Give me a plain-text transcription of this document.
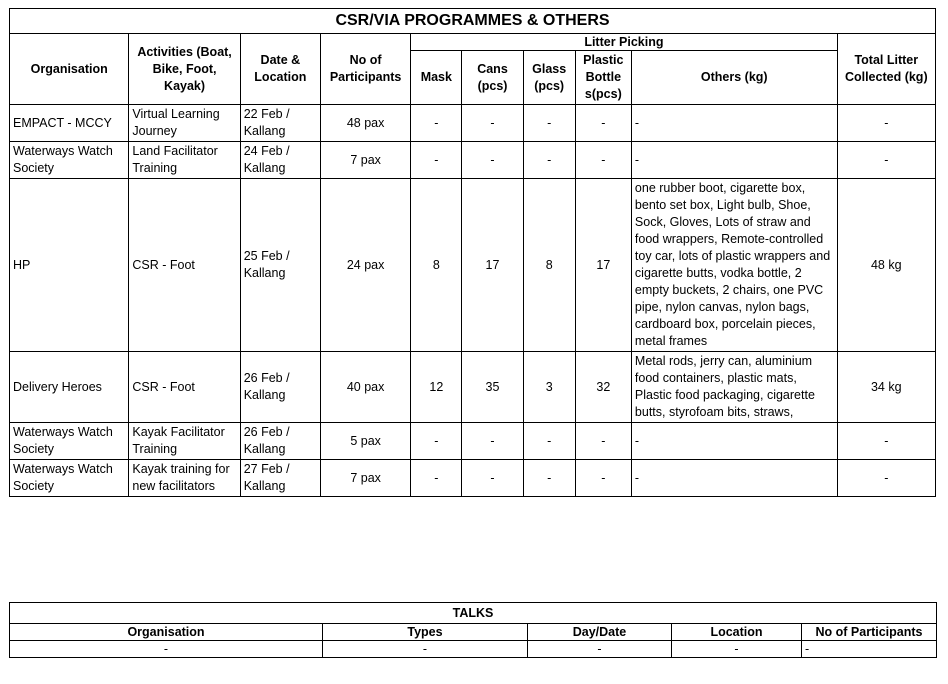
CSR/VIA PROGRAMMES & OTHERS									
Organisation	Activities (Boat, Bike, Foot, Kayak)	Date & Location	No of Participants	Litter Picking					Total Litter Collected (kg)
				Mask	Cans (pcs)	Glass (pcs)	Plastic Bottle s(pcs)	Others (kg)	
EMPACT - MCCY	Virtual Learning Journey	22 Feb / Kallang	48 pax	-	-	-	-	-	-
Waterways Watch Society	Land Facilitator Training	24 Feb / Kallang	7 pax	-	-	-	-	-	-
HP	CSR - Foot	25 Feb / Kallang	24 pax	8	17	8	17	one rubber boot, cigarette box, bento set box, Light bulb, Shoe, Sock, Gloves, Lots of straw and food wrappers, Remote-controlled toy car, lots of plastic wrappers and cigarette butts, vodka bottle, 2 empty buckets, 2 chairs, one PVC pipe, nylon canvas, nylon bags, cardboard box, porcelain pieces, metal frames	48 kg
Delivery Heroes	CSR - Foot	26 Feb / Kallang	40 pax	12	35	3	32	Metal rods, jerry can, aluminium food containers, plastic mats, Plastic food packaging, cigarette butts, styrofoam bits, straws,	34 kg
Waterways Watch Society	Kayak Facilitator Training	26 Feb / Kallang	5 pax	-	-	-	-	-	-
Waterways Watch Society	Kayak training for new facilitators	27 Feb / Kallang	7 pax	-	-	-	-	-	-
TALKS				
Organisation	Types	Day/Date	Location	No of Participants
-	-	-	-	-
